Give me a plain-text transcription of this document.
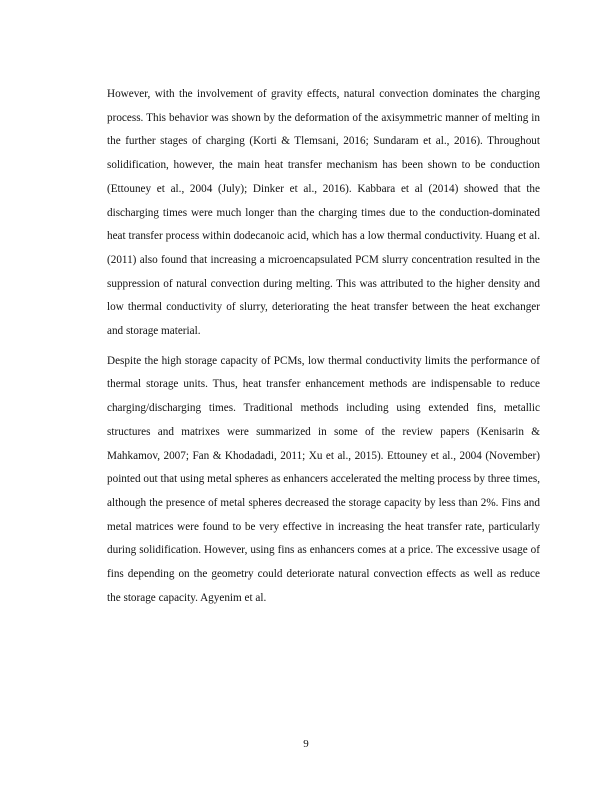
However, with the involvement of gravity effects, natural convection dominates the charging process. This behavior was shown by the deformation of the axisymmetric manner of melting in the further stages of charging (Korti & Tlemsani, 2016; Sundaram et al., 2016). Throughout solidification, however, the main heat transfer mechanism has been shown to be conduction (Ettouney et al., 2004 (July); Dinker et al., 2016). Kabbara et al (2014) showed that the discharging times were much longer than the charging times due to the conduction-dominated heat transfer process within dodecanoic acid, which has a low thermal conductivity. Huang et al. (2011) also found that increasing a microencapsulated PCM slurry concentration resulted in the suppression of natural convection during melting. This was attributed to the higher density and low thermal conductivity of slurry, deteriorating the heat transfer between the heat exchanger and storage material.

Despite the high storage capacity of PCMs, low thermal conductivity limits the performance of thermal storage units. Thus, heat transfer enhancement methods are indispensable to reduce charging/discharging times. Traditional methods including using extended fins, metallic structures and matrixes were summarized in some of the review papers (Kenisarin & Mahkamov, 2007; Fan & Khodadadi, 2011; Xu et al., 2015). Ettouney et al., 2004 (November) pointed out that using metal spheres as enhancers accelerated the melting process by three times, although the presence of metal spheres decreased the storage capacity by less than 2%. Fins and metal matrices were found to be very effective in increasing the heat transfer rate, particularly during solidification. However, using fins as enhancers comes at a price. The excessive usage of fins depending on the geometry could deteriorate natural convection effects as well as reduce the storage capacity. Agyenim et al.

9
